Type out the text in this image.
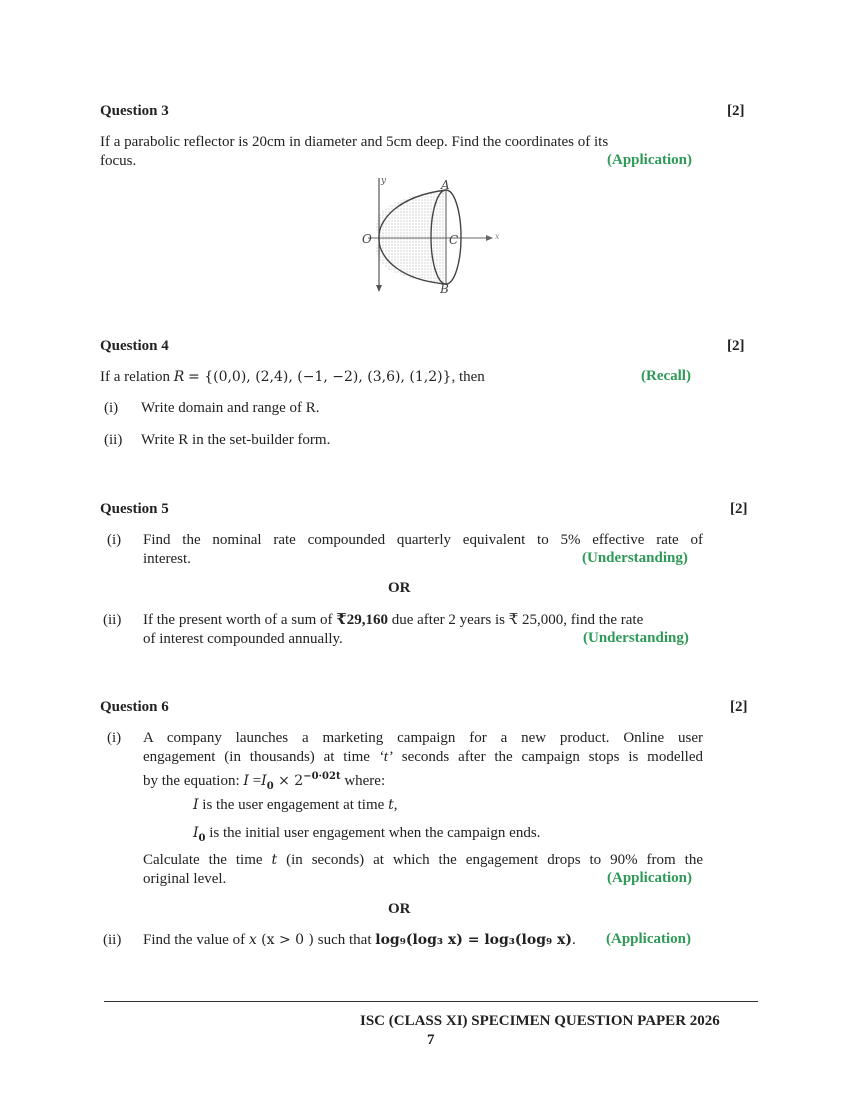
Question 3	[2]
If a parabolic reflector is 20cm in diameter and 5cm deep. Find the coordinates of its
focus.	(Application)
y
x
O
A
B
C
Question 4	[2]
If a relation R = {(0,0), (2,4), (−1, −2), (3,6), (1,2)}, then	(Recall)
(i) Write domain and range of R.
(ii) Write R in the set-builder form.
Question 5	[2]
(i) Find the nominal rate compounded quarterly equivalent to 5% effective rate of
interest.	(Understanding)
OR
(ii) If the present worth of a sum of ₹29,160 due after 2 years is ₹ 25,000, find the rate
of interest compounded annually.	(Understanding)
Question 6	[2]
(i) A company launches a marketing campaign for a new product. Online user
engagement (in thousands) at time ‘t’ seconds after the campaign stops is modelled
by the equation: $I =I_0 \times 2^{-0\cdot 02t}$ where:
I is the user engagement at time t,
$I_0$ is the initial user engagement when the campaign ends.
Calculate the time t (in seconds) at which the engagement drops to 90% from the
original level.	(Application)
OR
(ii) Find the value of x (x > 0 ) such that log₉(log₃ x) = log₃(log₉ x). (Application)
ISC (CLASS XI) SPECIMEN QUESTION PAPER 2026
7
